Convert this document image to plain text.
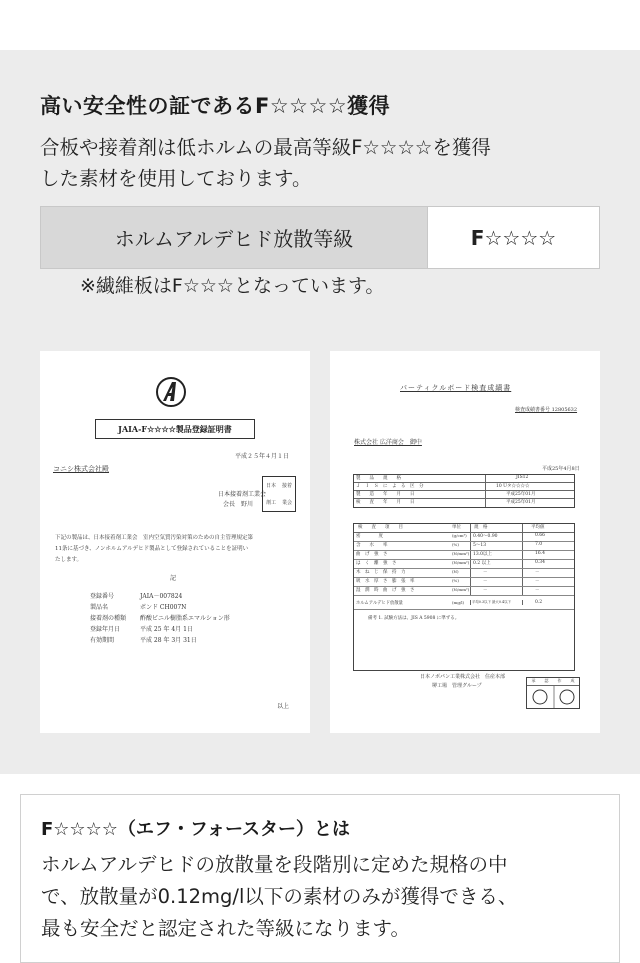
高い安全性の証であるF☆☆☆☆獲得
合板や接着剤は低ホルムの最高等級F☆☆☆☆を獲得
した素材を使用しております。
ホルムアルデヒド放散等級	F☆☆☆☆
※繊維板はF☆☆☆となっています。
JAIA-F☆☆☆☆製品登録証明書
平成２５年４月１日
コニシ株式会社殿
日本接着剤工業会
会長　野川
日本 接着
剤工 業会
下記の製品は、日本接着剤工業会　室内空気質汚染対策のための自主管理規定第
11条に基づき、ノンホルムアルデヒド製品として登録されていることを証明い
たします。
記
登録番号	JAIA－007824
製品名	ボンド CH007N
接着剤の種類 酢酸ビニル樹脂系エマルション形
登録年月日	平成 25 年 4月 1日
有効期間	平成 28 年 3月 31日
以上
パーティクルボード検査成績書
検査成績書番号 12805632
株式会社 広洋商会　御中
平成25年4月8日
製　　品　　規　　格	JIS12
Ｊ　Ｉ　Ｓ　に　よ　る　区　分	10 Uタ☆☆☆☆
製　　造　　年　　月　　日	平成25年01月
検　　査　　年　　月　　日	平成25年01月
検　　査　　項　　目	単位	規　格	平均値
密　　　　度	(g/cm³)	0.40～0.90	0.66
含　　水　　率	(%)	5～13	7.0
曲　げ　強　さ	(N/mm²) 13.0以上	16.4
は　く　離　強　さ	(N/mm²) 0.2 以上	0.34
木　ね　じ　保　持　力	(N)	－	－
吸　水　厚　さ　膨　張　率	(%)	－	－
湿　潤　時　曲　げ　強　さ	(N/mm²)	－	－
ホルムアルデヒド放散量	(mg/l)	平均0.3以下 最大0.4以下	0.2
備考 1. 試験方法は、JIS A 5908 に準ずる。
日本ノボパン工業株式会社　住産本部
堺工場　管理グループ
承 認 作 成
F☆☆☆☆（エフ・フォースター）とは
ホルムアルデヒドの放散量を段階別に定めた規格の中
で、放散量が0.12mg/l以下の素材のみが獲得できる、
最も安全だと認定された等級になります。
